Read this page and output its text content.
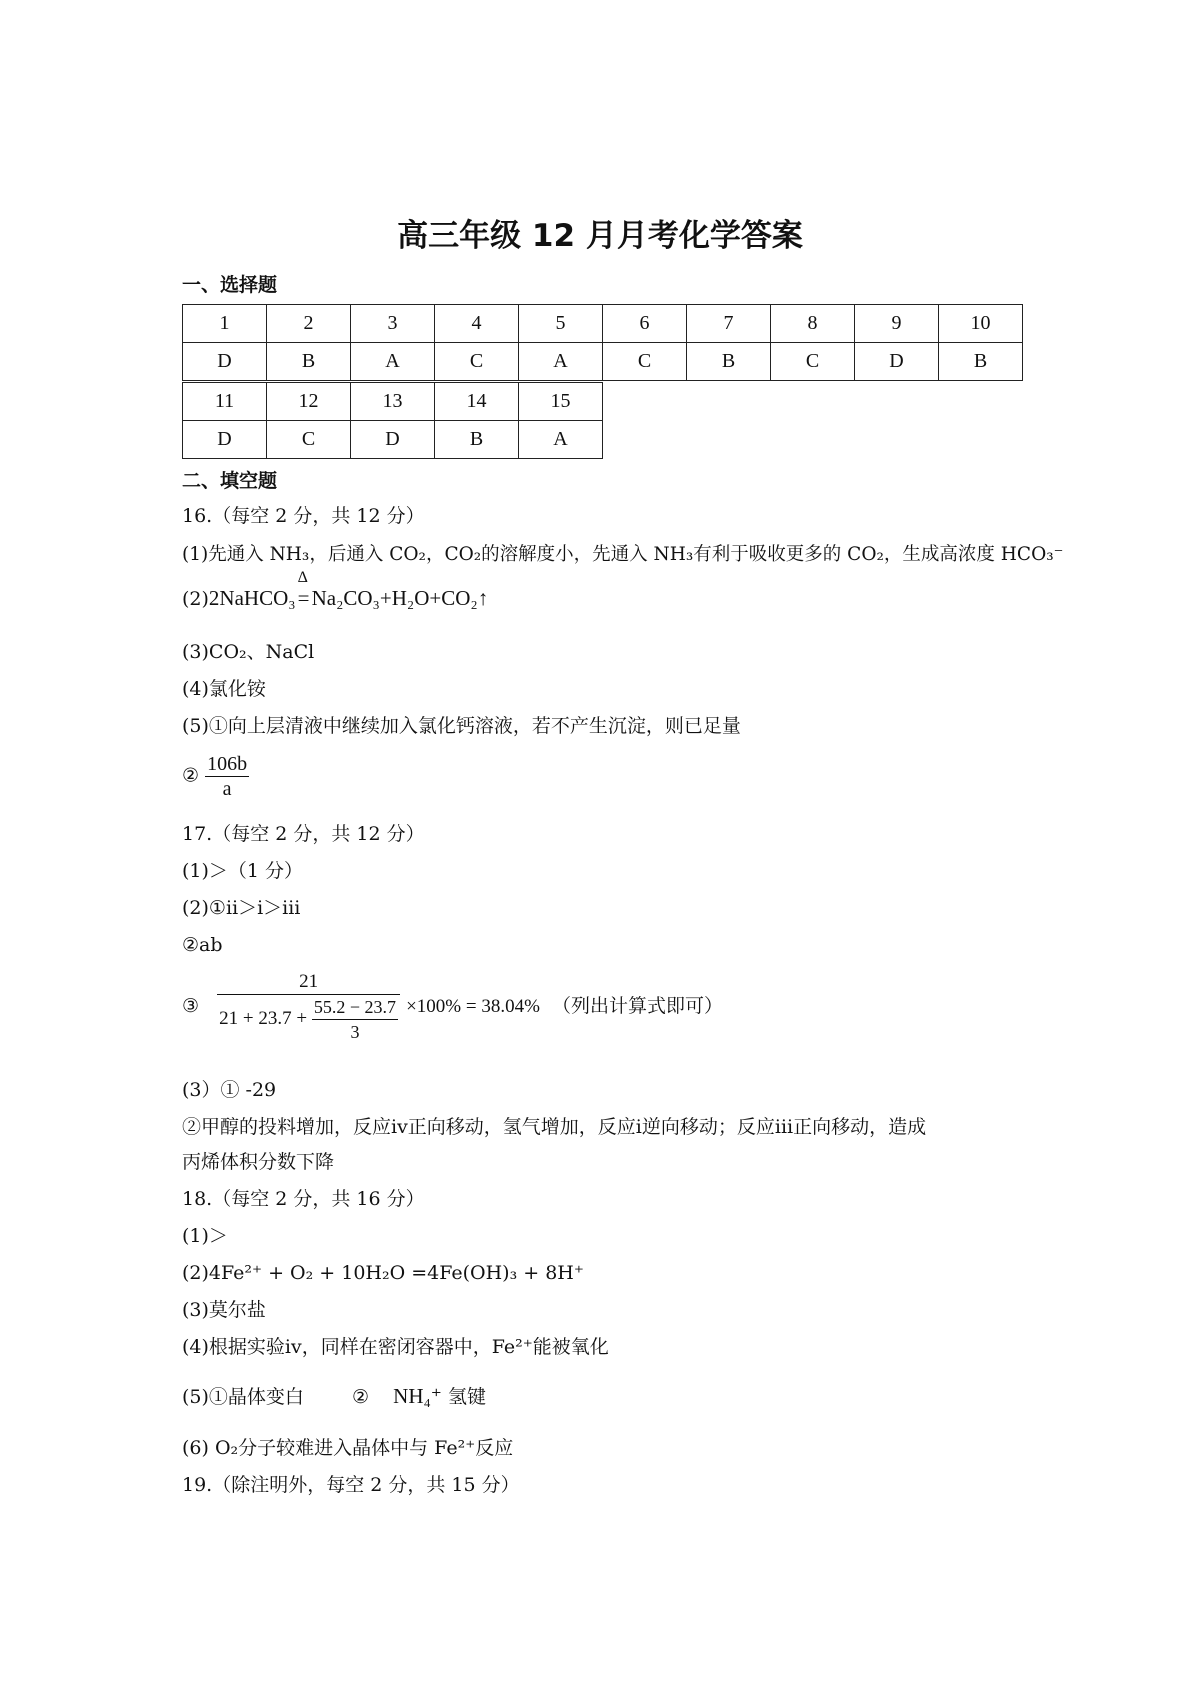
高三年级 12 月月考化学答案
一、选择题
1	2	3	4	5	6	7	8	9	10
D	B	A	C	A	C	B	C	D	B
11	12	13	14	15
D	C	D	B	A
二、填空题
16.（每空 2 分，共 12 分）
(1)先通入 NH₃，后通入 CO₂，CO₂的溶解度小，先通入 NH₃有利于吸收更多的 CO₂，生成高浓度 HCO₃⁻
(2)2NaHCO₃
Δ
=Na₂CO₃+H₂O+CO₂↑
(3)CO₂、NaCl
(4)氯化铵
(5)①向上层清液中继续加入氯化钙溶液，若不产生沉淀，则已足量
② $\frac{106b}{a}$
17.（每空 2 分，共 12 分）
(1)＞（1 分）
(2)①ⅱ＞ⅰ＞ⅲ
②ab
③ $\frac{21}{21 + 23.7 + \frac{55.2 - 23.7}{3}} \times 100\% = 38.04\%$ （列出计算式即可）
(3）① -29
②甲醇的投料增加，反应ⅳ正向移动，氢气增加，反应ⅰ逆向移动；反应ⅲ正向移动，造成
丙烯体积分数下降
18.（每空 2 分，共 16 分）
(1)＞
(2)4Fe²⁺ + O₂ + 10H₂O =4Fe(OH)₃ + 8H⁺
(3)莫尔盐
(4)根据实验ⅳ，同样在密闭容器中，Fe²⁺能被氧化
(5)①晶体变白	② NH₄⁺ 氢键
(6) O₂分子较难进入晶体中与 Fe²⁺反应
19.（除注明外，每空 2 分，共 15 分）
